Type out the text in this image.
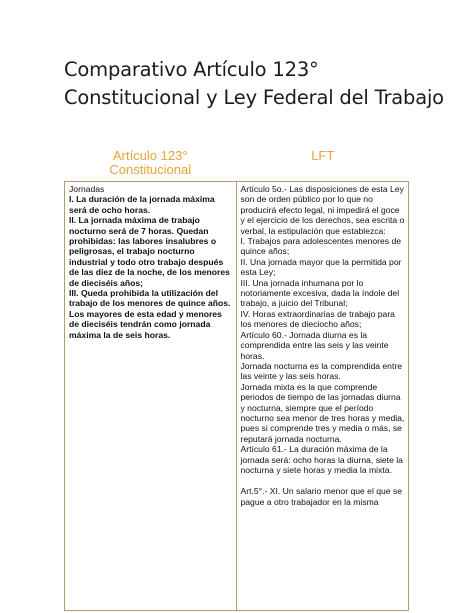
Comparativo Artículo 123°
Constitucional y Ley Federal del Trabajo
Artículo 123°
Constitucional
LFT

Jornadas

I. La duración de la jornada máxima será de ocho horas.

II. La jornada máxima de trabajo nocturno será de 7 horas. Quedan prohibidas: las labores insalubres o peligrosas, el trabajo nocturno industrial y todo otro trabajo después de las diez de la noche, de los menores de dieciséis años;

III. Queda prohibida la utilización del trabajo de los menores de quince años. Los mayores de esta edad y menores de dieciséis tendrán como jornada máxima la de seis horas.

Artículo 5o.- Las disposiciones de esta Ley son de orden público por lo que no producirá efecto legal, ni impedirá el goce y el ejercicio de los derechos, sea escrita o verbal, la estipulación que establezca:

I. Trabajos para adolescentes menores de quince años;

II. Una jornada mayor que la permitida por esta Ley;

III. Una jornada inhumana por lo notoriamente excesiva, dada la índole del trabajo, a juicio del Tribunal;

IV. Horas extraordinarias de trabajo para los menores de dieciocho años;

Artículo 60.- Jornada diurna es la comprendida entre las seis y las veinte horas.

Jornada nocturna es la comprendida entre las veinte y las seis horas.

Jornada mixta es la que comprende periodos de tiempo de las jornadas diurna y nocturna, siempre que el período nocturno sea menor de tres horas y media, pues si comprende tres y media o más, se reputará jornada nocturna.

Artículo 61.- La duración máxima de la jornada será: ocho horas la diurna, siete la nocturna y siete horas y media la mixta.

Art.5°.- XI. Un salario menor que el que se pague a otro trabajador en la misma
